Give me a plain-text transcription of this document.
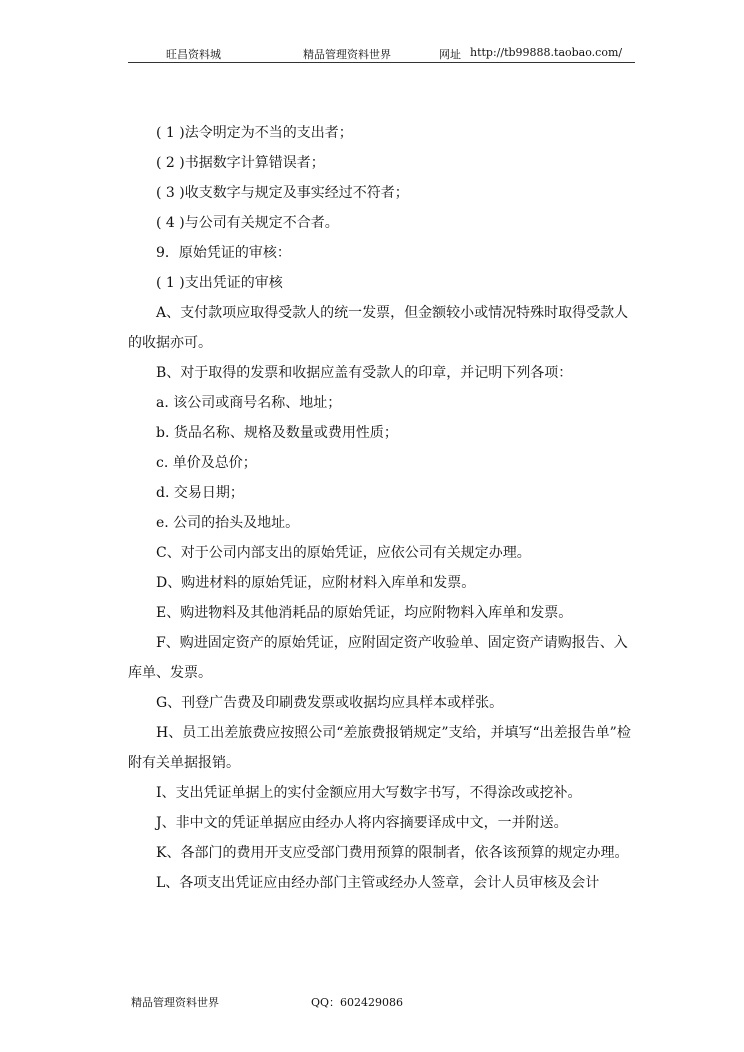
旺昌资料城	精品管理资料世界	网址 http://tb99888.taobao.com/

( 1 )法令明定为不当的支出者；

( 2 )书据数字计算错误者；

( 3 )收支数字与规定及事实经过不符者；

( 4 )与公司有关规定不合者。

9．原始凭证的审核：

( 1 )支出凭证的审核

A、支付款项应取得受款人的统一发票，但金额较小或情况特殊时取得受款人的收据亦可。

B、对于取得的发票和收据应盖有受款人的印章，并记明下列各项：

a. 该公司或商号名称、地址；

b. 货品名称、规格及数量或费用性质；

c. 单价及总价；

d. 交易日期；

e. 公司的抬头及地址。

C、对于公司内部支出的原始凭证，应依公司有关规定办理。

D、购进材料的原始凭证，应附材料入库单和发票。

E、购进物料及其他消耗品的原始凭证，均应附物料入库单和发票。

F、购进固定资产的原始凭证，应附固定资产收验单、固定资产请购报告、入库单、发票。

G、刊登广告费及印刷费发票或收据均应具样本或样张。

H、员工出差旅费应按照公司“差旅费报销规定”支给，并填写“出差报告单”检附有关单据报销。

I、支出凭证单据上的实付金额应用大写数字书写，不得涂改或挖补。

J、非中文的凭证单据应由经办人将内容摘要译成中文，一并附送。

K、各部门的费用开支应受部门费用预算的限制者，依各该预算的规定办理。

L、各项支出凭证应由经办部门主管或经办人签章，会计人员审核及会计

精品管理资料世界	QQ：602429086
